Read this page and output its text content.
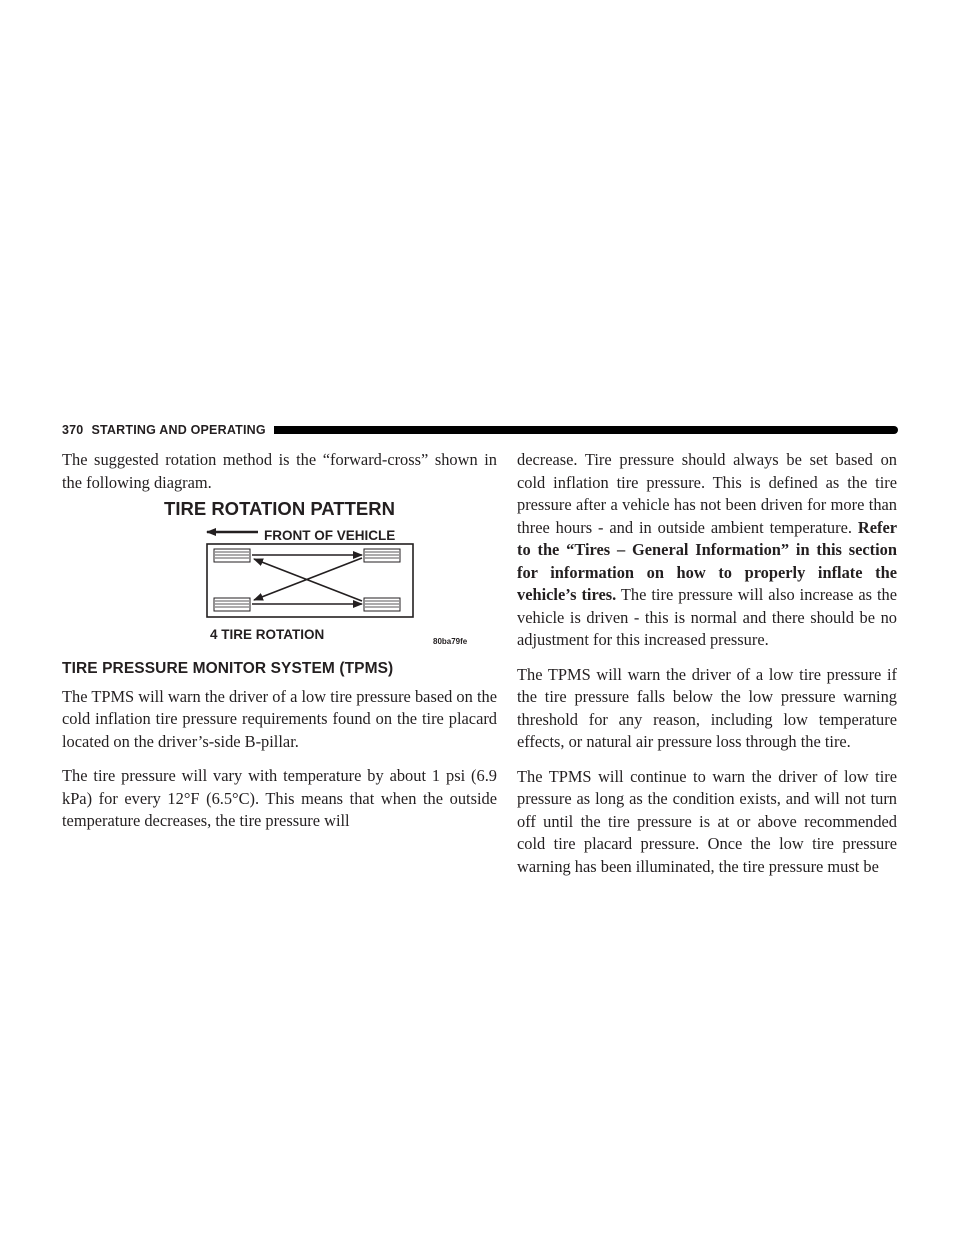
370 STARTING AND OPERATING

The suggested rotation method is the “forward-cross” shown in the following diagram.

TIRE ROTATION PATTERN
FRONT OF VEHICLE
4 TIRE ROTATION	80ba79fe
TIRE PRESSURE MONITOR SYSTEM (TPMS)

The TPMS will warn the driver of a low tire pressure based on the cold inflation tire pressure requirements found on the tire placard located on the driver’s-side B-pillar.

The tire pressure will vary with temperature by about 1 psi (6.9 kPa) for every 12°F (6.5°C). This means that when the outside temperature decreases, the tire pressure will

decrease. Tire pressure should always be set based on cold inflation tire pressure. This is defined as the tire pressure after a vehicle has not been driven for more than three hours - and in outside ambient temperature. Refer to the “Tires – General Information” in this section for information on how to properly inflate the vehicle’s tires. The tire pressure will also increase as the vehicle is driven - this is normal and there should be no adjustment for this increased pressure.

The TPMS will warn the driver of a low tire pressure if the tire pressure falls below the low pressure warning threshold for any reason, including low temperature effects, or natural air pressure loss through the tire.

The TPMS will continue to warn the driver of low tire pressure as long as the condition exists, and will not turn off until the tire pressure is at or above recommended cold tire placard pressure. Once the low tire pressure warning has been illuminated, the tire pressure must be
